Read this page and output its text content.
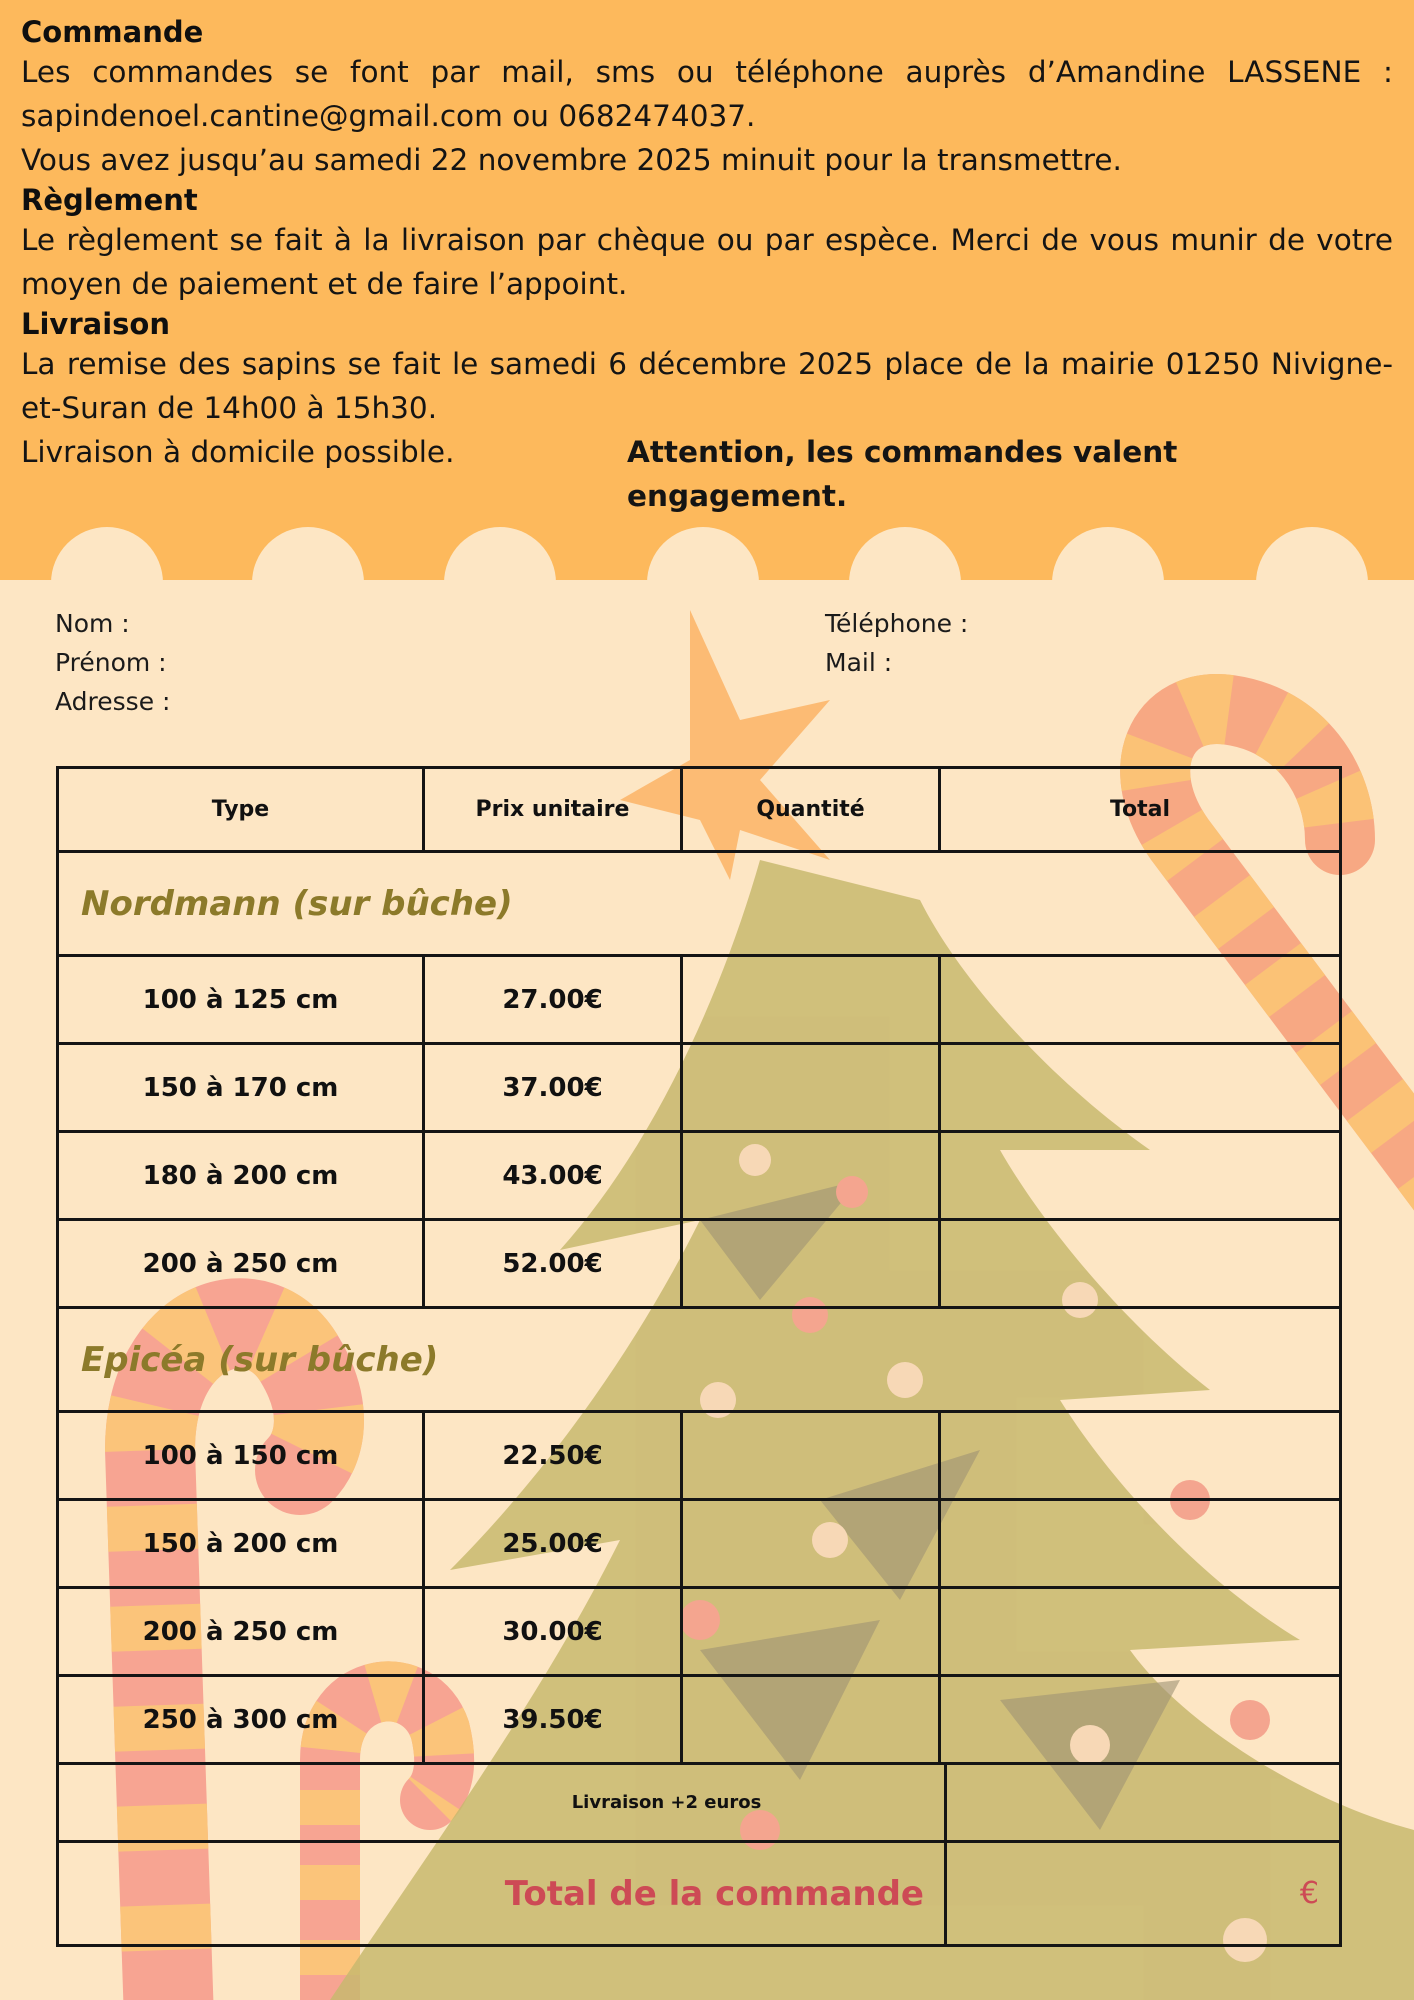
Commande

Les commandes se font par mail, sms ou téléphone auprès d’Amandine LASSENE : sapindenoel.cantine@gmail.com ou 0682474037.

Vous avez jusqu’au samedi 22 novembre 2025 minuit pour la transmettre.

Règlement

Le règlement se fait à la livraison par chèque ou par espèce. Merci de vous munir de votre moyen de paiement et de faire l’appoint.

Livraison

La remise des sapins se fait le samedi 6 décembre 2025 place de la mairie 01250 Nivigne-et-Suran de 14h00 à 15h30.

Livraison à domicile possible.	Attention, les commandes valent engagement.
Nom :
Prénom :
Adresse :
Téléphone :
Mail :
Type	Prix unitaire	Quantité	Total
Nordmann (sur bûche)
100 à 125 cm	27.00€
150 à 170 cm	37.00€
180 à 200 cm	43.00€
200 à 250 cm	52.00€
Epicéa (sur bûche)
100 à 150 cm	22.50€
150 à 200 cm	25.00€
200 à 250 cm	30.00€
250 à 300 cm	39.50€
Livraison +2 euros
Total de la commande	€
